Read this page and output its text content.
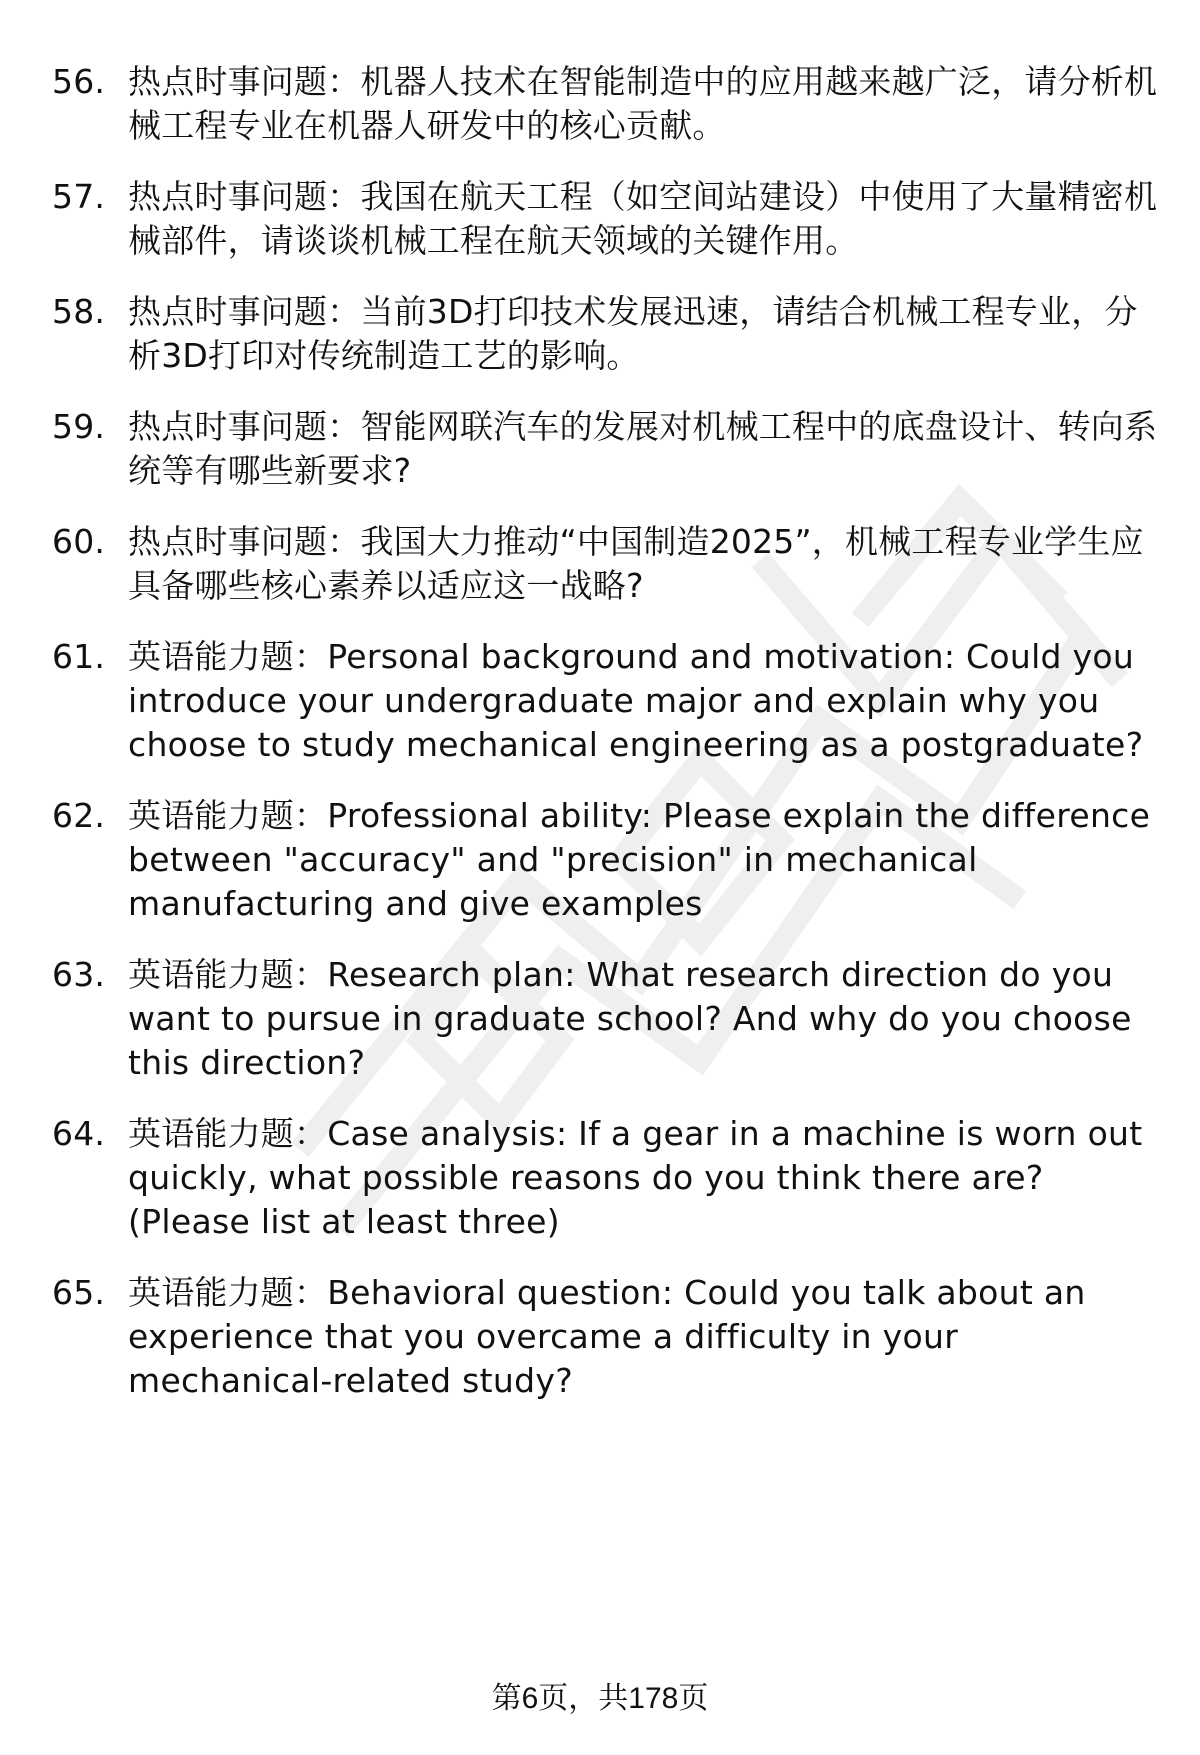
56. 热点时事问题：机器人技术在智能制造中的应用越来越广泛，请分析机械工程专业在机器人研发中的核心贡献。
57. 热点时事问题：我国在航天工程（如空间站建设）中使用了大量精密机械部件，请谈谈机械工程在航天领域的关键作用。
58. 热点时事问题：当前3D打印技术发展迅速，请结合机械工程专业，分析3D打印对传统制造工艺的影响。
59. 热点时事问题：智能网联汽车的发展对机械工程中的底盘设计、转向系统等有哪些新要求?
60. 热点时事问题：我国大力推动“中国制造2025”，机械工程专业学生应具备哪些核心素养以适应这一战略?
61. 英语能力题：Personal background and motivation: Could you introduce your undergraduate major and explain why you choose to study mechanical engineering as a postgraduate?
62. 英语能力题：Professional ability: Please explain the difference between "accuracy" and "precision" in mechanical manufacturing and give examples
63. 英语能力题：Research plan: What research direction do you want to pursue in graduate school? And why do you choose this direction?
64. 英语能力题：Case analysis: If a gear in a machine is worn out quickly, what possible reasons do you think there are? (Please list at least three)
65. 英语能力题：Behavioral question: Could you talk about an experience that you overcame a difficulty in your mechanical-related study?
第6页，共178页
